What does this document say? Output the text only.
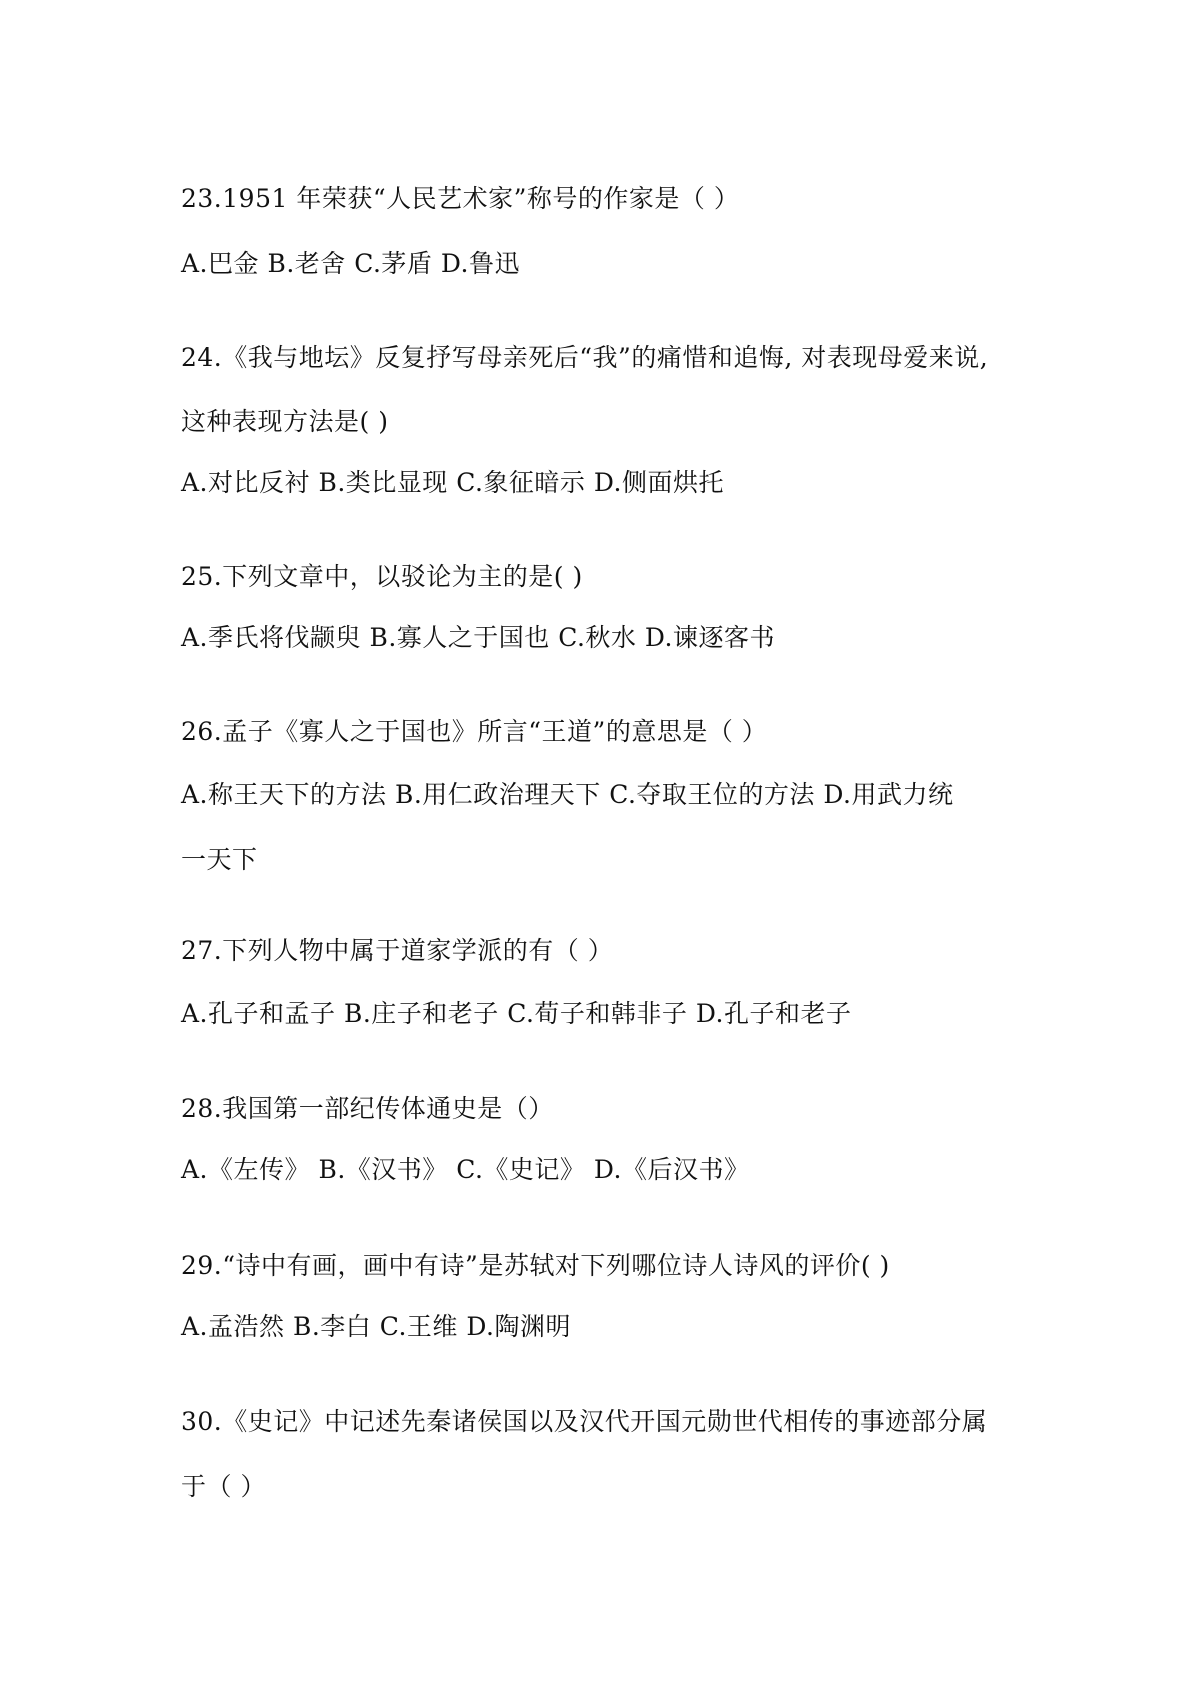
23.1951 年荣获“人民艺术家”称号的作家是（ ）
A.巴金 B.老舍 C.茅盾 D.鲁迅
24.《我与地坛》反复抒写母亲死后“我”的痛惜和追悔, 对表现母爱来说,
这种表现方法是( )
A.对比反衬 B.类比显现 C.象征暗示 D.侧面烘托
25.下列文章中，以驳论为主的是( )
A.季氏将伐颛臾 B.寡人之于国也 C.秋水 D.谏逐客书
26.孟子《寡人之于国也》所言“王道”的意思是（ ）
A.称王天下的方法 B.用仁政治理天下 C.夺取王位的方法 D.用武力统
一天下
27.下列人物中属于道家学派的有（ ）
A.孔子和孟子 B.庄子和老子 C.荀子和韩非子 D.孔子和老子
28.我国第一部纪传体通史是（）
A.《左传》 B.《汉书》 C.《史记》 D.《后汉书》
29.“诗中有画，画中有诗”是苏轼对下列哪位诗人诗风的评价( )
A.孟浩然 B.李白 C.王维 D.陶渊明
30.《史记》中记述先秦诸侯国以及汉代开国元勋世代相传的事迹部分属
于（ ）
